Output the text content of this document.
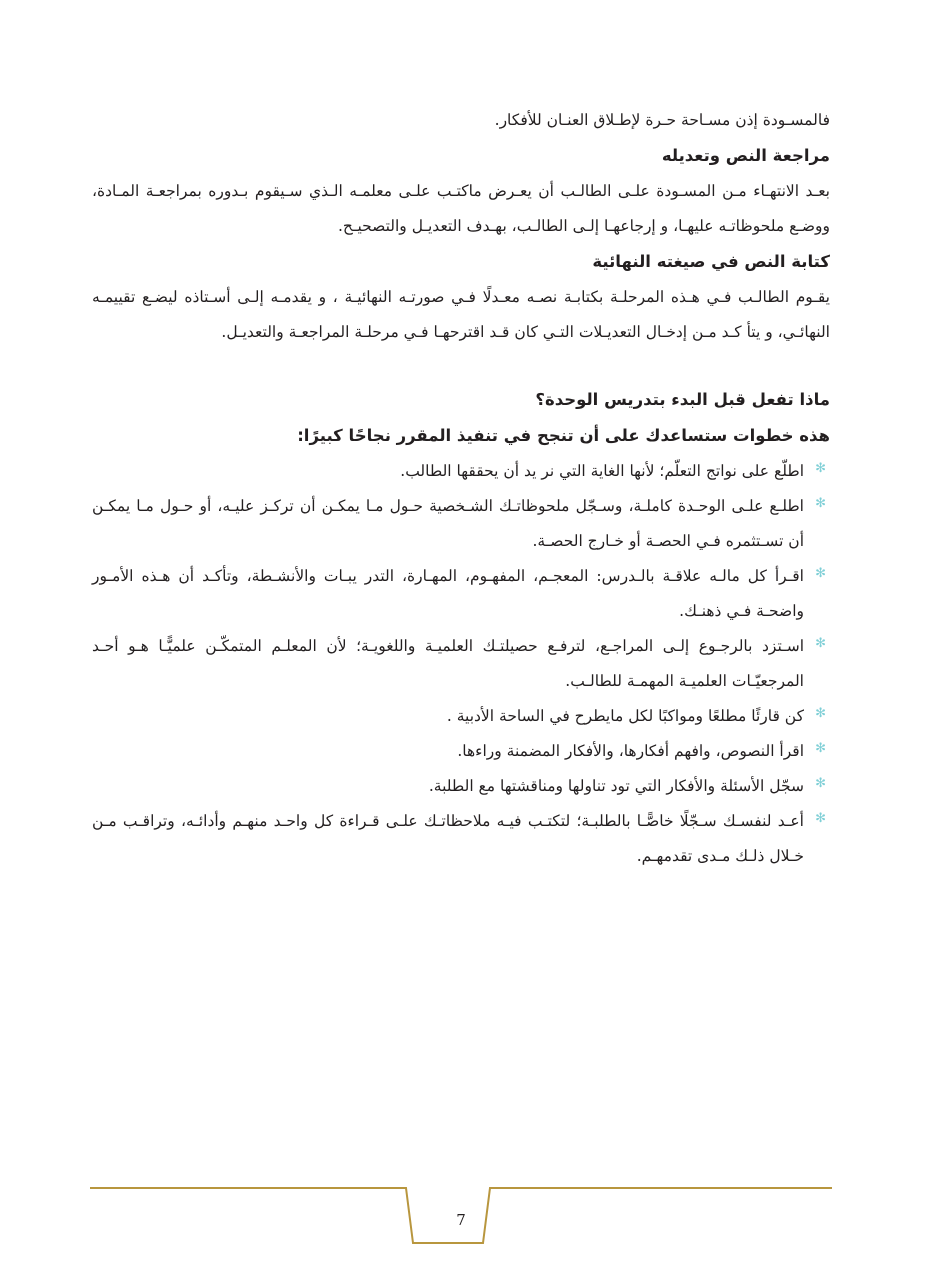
فالمسـودة إذن مسـاحة حـرة لإطـلاق العنـان للأفكار.

مراجعة النص وتعديله

بعـد الانتهـاء مـن المسـودة علـى الطالـب أن يعـرض ماكتـب علـى معلمـه الـذي سـيقوم بـدوره بمراجعـة المـادة، ووضـع ملحوظاتـه عليهـا، و إرجاعهـا إلـى الطالـب، بهـدف التعديـل والتصحيـح.

كتابة النص في صيغته النهائية

يقـوم الطالـب فـي هـذه المرحلـة بكتابـة نصـه معـدلًا فـي صورتـه النهائيـة ، و يقدمـه إلـى أسـتاذه ليضـع تقييمـه النهائـي، و يتأ كـد مـن إدخـال التعديـلات التـي كان قـد اقترحهـا فـي مرحلـة المراجعـة والتعديـل.

ماذا تفعل قبل البدء بتدريس الوحدة؟
هذه خطوات ستساعدك على أن تنجح في تنفيذ المقرر نجاحًا كبيرًا:
✻
اطلّع على نواتج التعلّم؛ لأنها الغاية التي نر يد أن يحققها الطالب.
✻
اطلـع علـى الوحـدة كاملـة، وسـجّل ملحوظاتـك الشـخصية حـول مـا يمكـن أن تركـز عليـه، أو حـول مـا يمكـن أن تسـتثمره فـي الحصـة أو خـارج الحصـة.
✻
اقـرأ كل مالـه علاقـة بالـدرس: المعجـم، المفهـوم، المهـارة، التدر يبـات والأنشـطة، وتأكـد أن هـذه الأمـور واضحـة فـي ذهنـك.
✻
اسـتزد بالرجـوع إلـى المراجـع، لترفـع حصيلتـك العلميـة واللغويـة؛ لأن المعلـم المتمكّـن علميًّـا هـو أحـد المرجعيّـات العلميـة المهمـة للطالـب.
✻
كن قارئًا مطلعًا ومواكبًا لكل مايطرح في الساحة الأدبية .
✻
اقرأ النصوص، وافهم أفكارها، والأفكار المضمنة وراءها.
✻
سجّل الأسئلة والأفكار التي تود تناولها ومناقشتها مع الطلبة.
✻
أعـد لنفسـك سـجّلًا خاصًّـا بالطلبـة؛ لتكتـب فيـه ملاحظاتـك علـى قـراءة كل واحـد منهـم وأدائـه، وتراقـب مـن خـلال ذلـك مـدى تقدمهـم.
7
